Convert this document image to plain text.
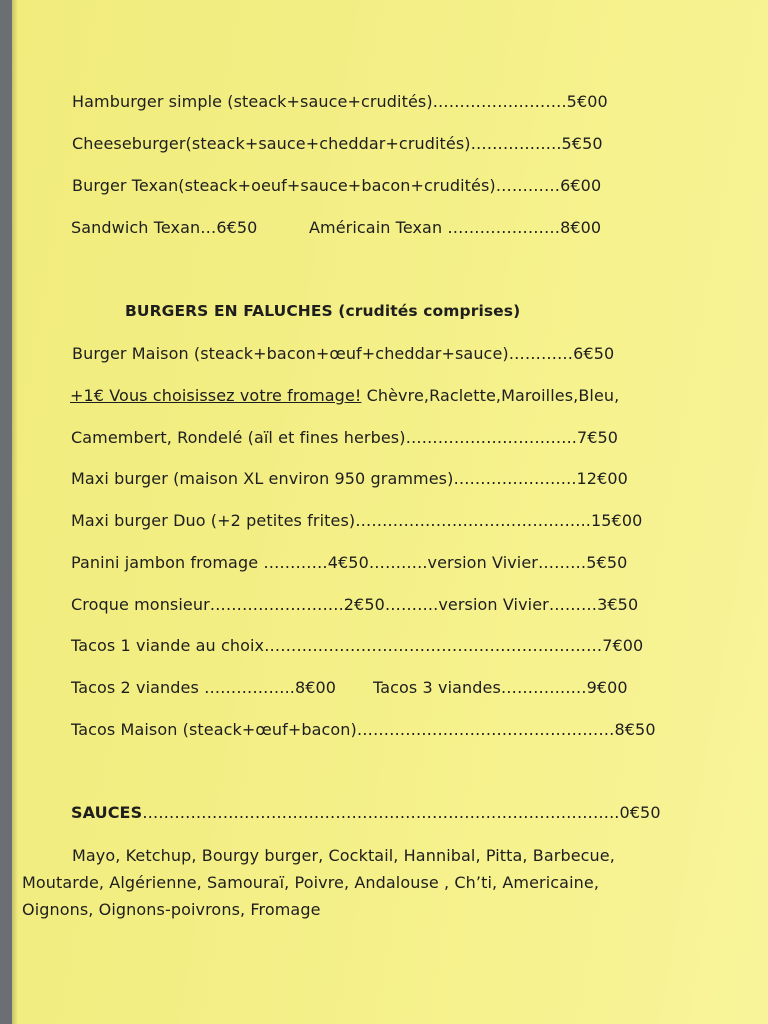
Hamburger simple (steack+sauce+crudités)…………………….5€00
Cheeseburger(steack+sauce+cheddar+crudités)……………..5€50
Burger Texan(steack+oeuf+sauce+bacon+crudités)…………6€00
Sandwich Texan…6€50	Américain Texan …………………8€00
BURGERS EN FALUCHES (crudités comprises)
Burger Maison (steack+bacon+œuf+cheddar+sauce)…………6€50
+1€ Vous choisissez votre fromage! Chèvre,Raclette,Maroilles,Bleu,
Camembert, Rondelé (aïl et fines herbes)…………………………..7€50
Maxi burger (maison XL environ 950 grammes)…………………..12€00
Maxi burger Duo (+2 petites frites)……………………………………..15€00
Panini jambon fromage …………4€50………..version Vivier………5€50
Croque monsieur…………………….2€50……….version Vivier………3€50
Tacos 1 viande au choix………………………………………………………7€00
Tacos 2 viandes ……………..8€00 Tacos 3 viandes…………….9€00
Tacos Maison (steack+œuf+bacon)…………………………………………8€50
SAUCES……………………………………………………………………………..0€50
Mayo, Ketchup, Bourgy burger, Cocktail, Hannibal, Pitta, Barbecue,
Moutarde, Algérienne, Samouraï, Poivre, Andalouse , Ch’ti, Americaine,
Oignons, Oignons-poivrons, Fromage
